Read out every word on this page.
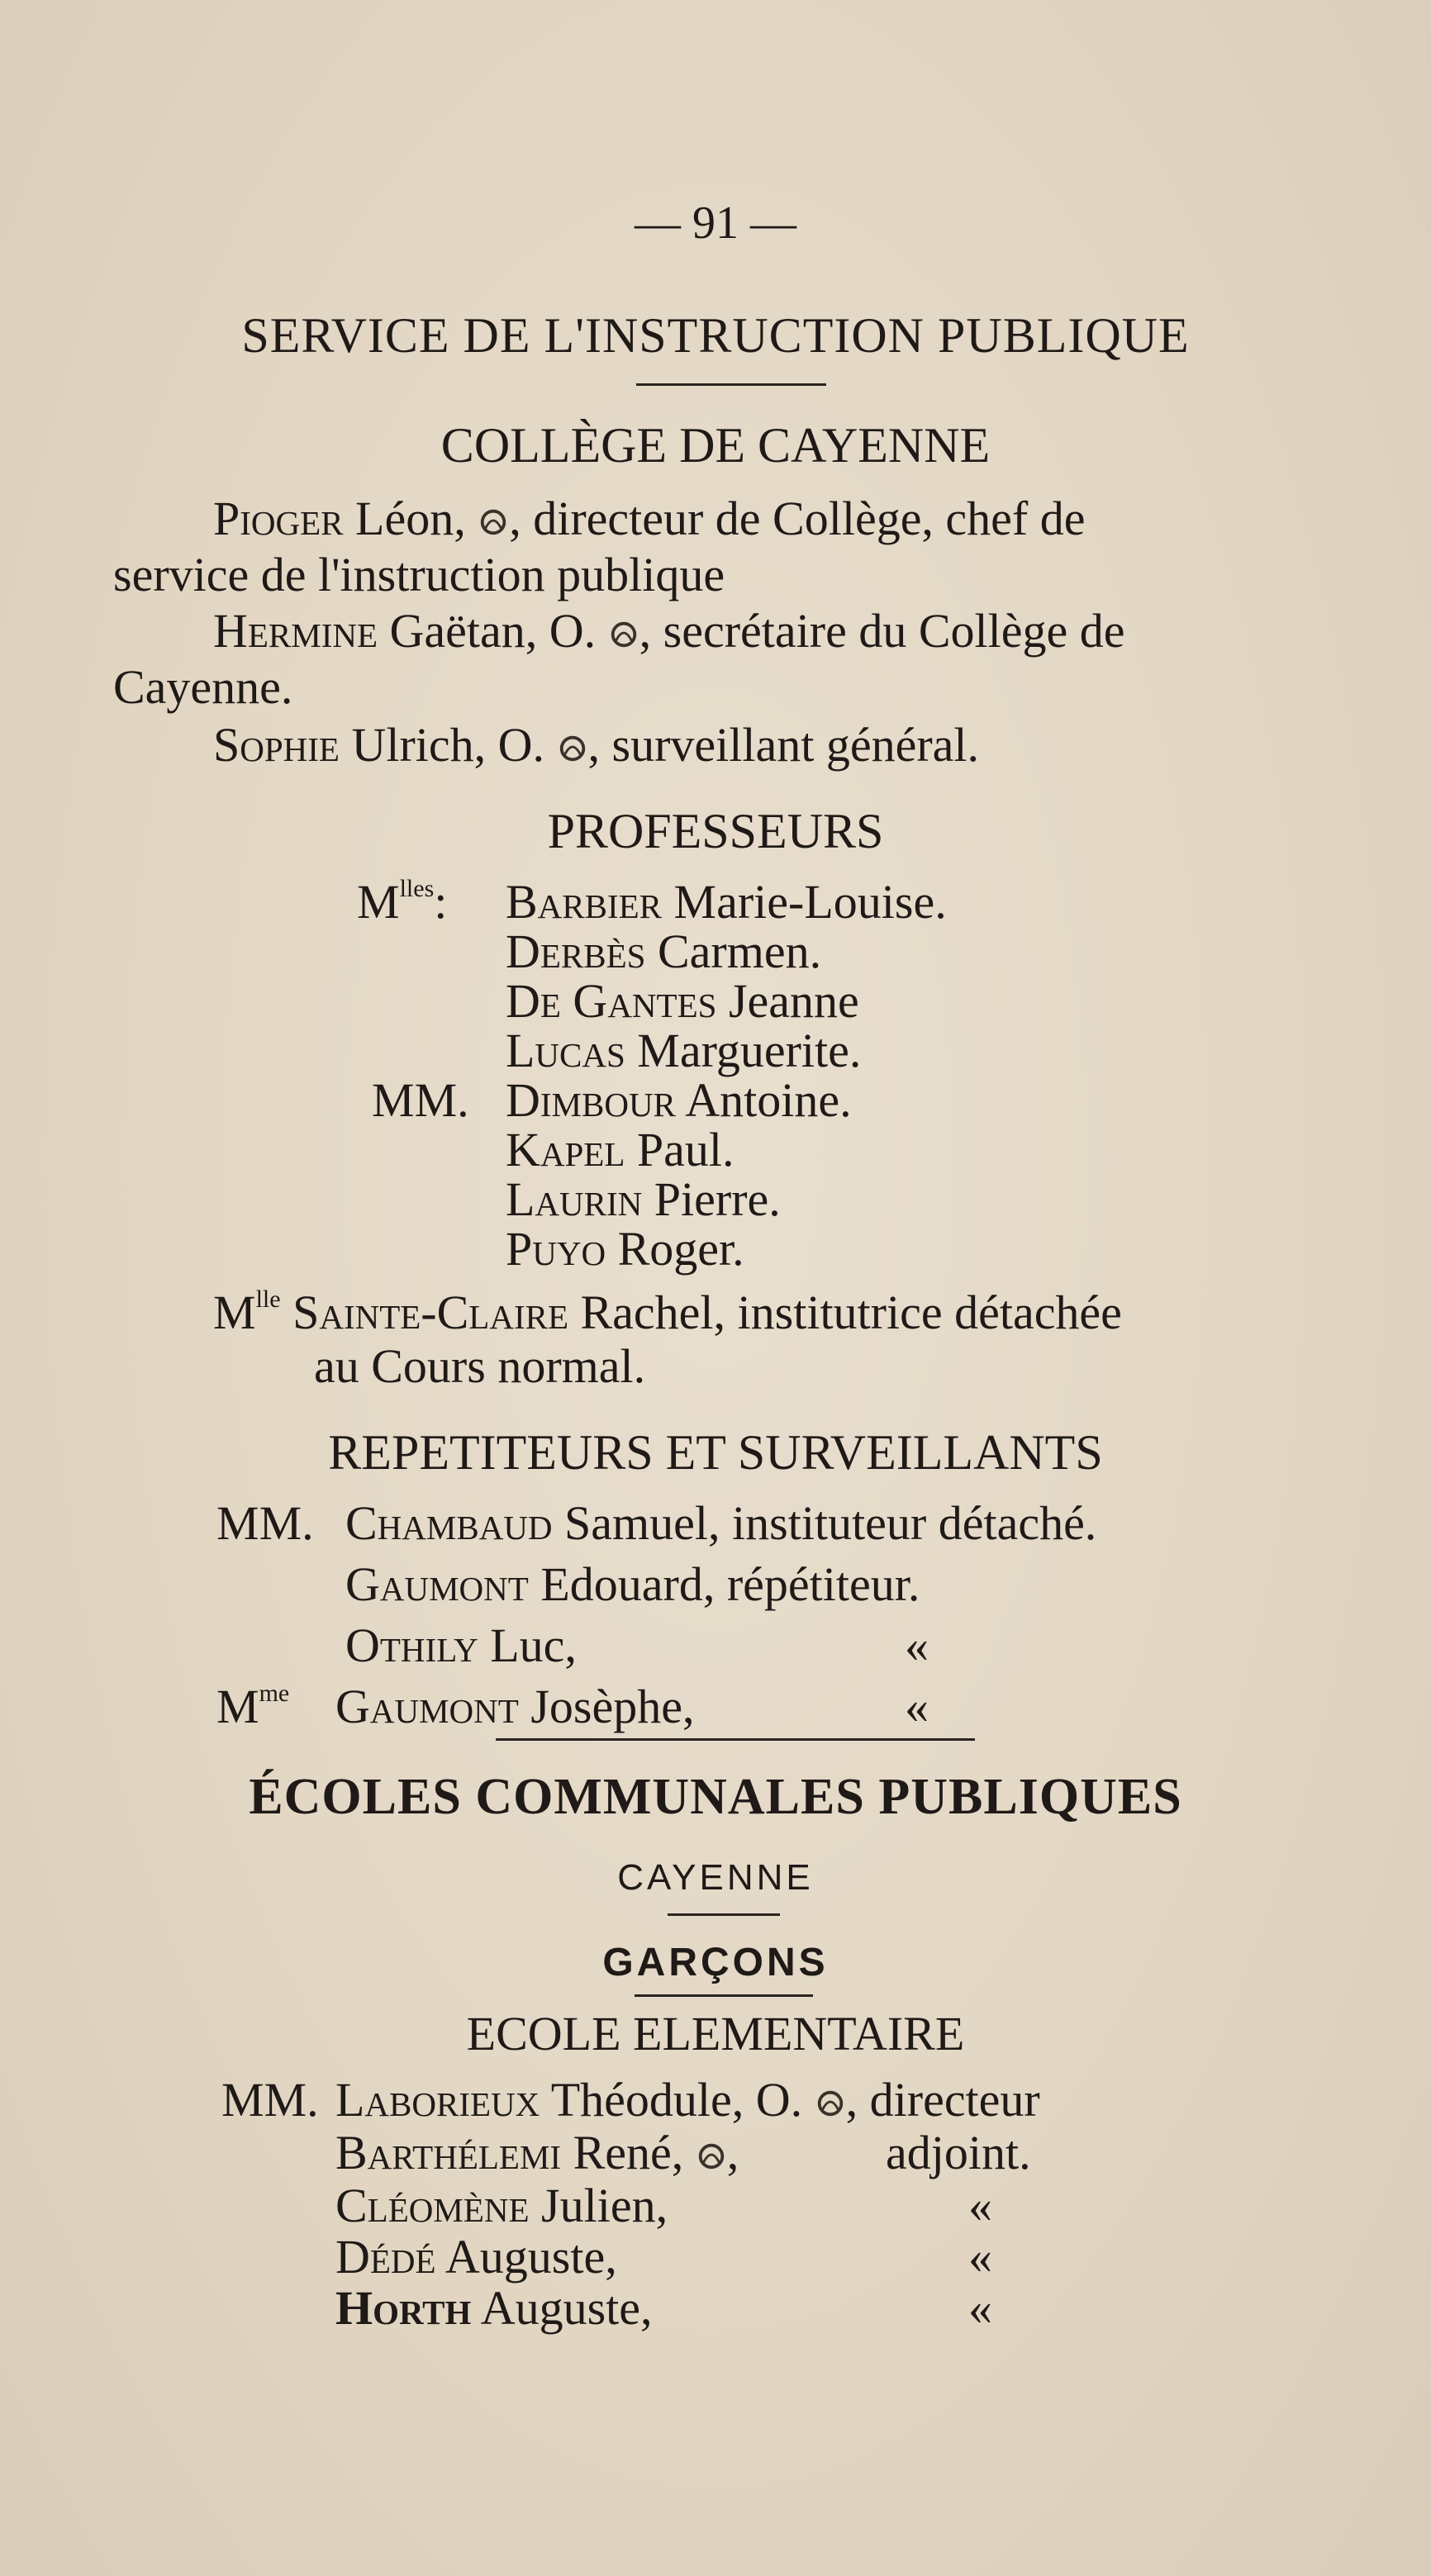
— 91 —
SERVICE DE L'INSTRUCTION PUBLIQUE
COLLÈGE DE CAYENNE
Pioger Léon, , directeur de Collège, chef de
service de l'instruction publique
Hermine Gaëtan, O. , secrétaire du Collège de
Cayenne.
Sophie Ulrich, O. , surveillant général.
PROFESSEURS
$M^{lles}$: Barbier Marie-Louise.
Derbès Carmen.
De Gantes Jeanne
Lucas Marguerite.
MM. Dimbour Antoine.
Kapel Paul.
Laurin Pierre.
Puyo Roger.
$M^{lle}$ Sainte-Claire Rachel, institutrice détachée
au Cours normal.
REPETITEURS ET SURVEILLANTS
MM. Chambaud Samuel, instituteur détaché.
Gaumont Edouard, répétiteur.
Othily Luc,	«
$M^{me}$ Gaumont Josèphe,	«
ÉCOLES COMMUNALES PUBLIQUES
CAYENNE
GARÇONS
ECOLE ELEMENTAIRE
MM. Laborieux Théodule, O. , directeur
Barthélemi René, ,	adjoint.
Cléomène Julien,	«
Dédé Auguste,	«
Horth Auguste,	«
